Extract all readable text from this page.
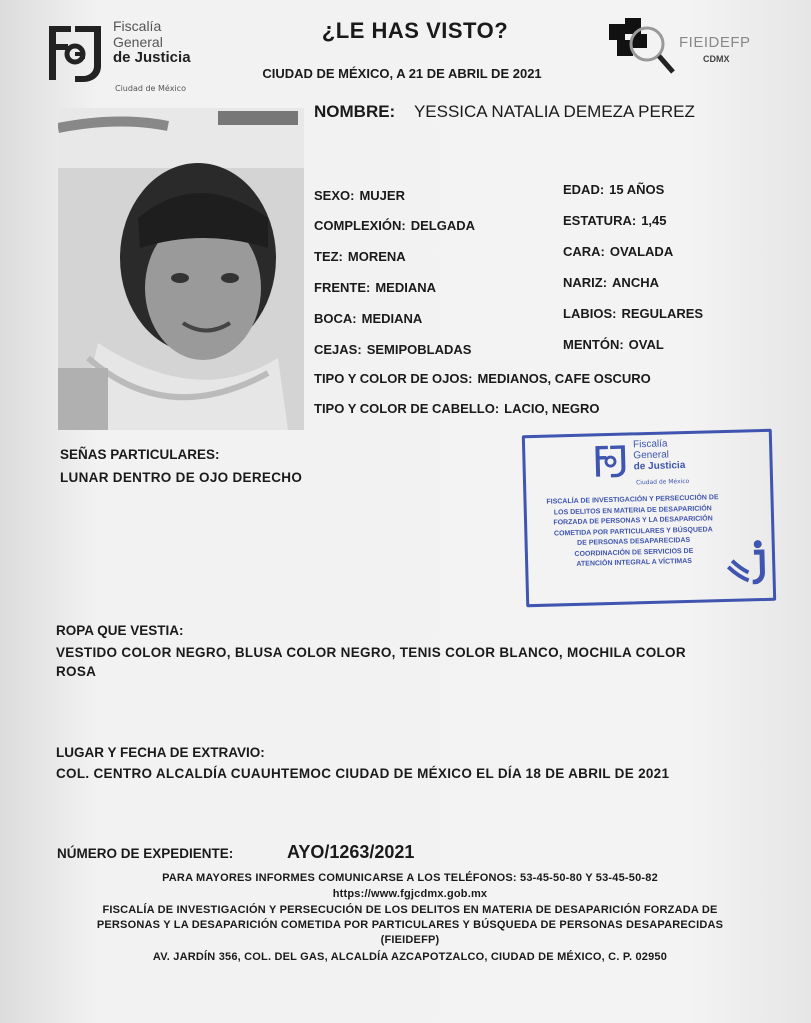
Fiscalía
General
de Justicia
Ciudad de México
¿LE HAS VISTO?
CIUDAD DE MÉXICO, A 21 DE ABRIL DE 2021
FIEIDEFP
CDMX
NOMBRE: YESSICA NATALIA DEMEZA PEREZ
SEXO: MUJER	EDAD: 15 AÑOS
COMPLEXIÓN: DELGADA	ESTATURA: 1,45
TEZ: MORENA	CARA: OVALADA
FRENTE: MEDIANA	NARIZ: ANCHA
BOCA: MEDIANA	LABIOS: REGULARES
CEJAS: SEMIPOBLADAS	MENTÓN: OVAL
TIPO Y COLOR DE OJOS: MEDIANOS, CAFE OSCURO
TIPO Y COLOR DE CABELLO: LACIO, NEGRO
SEÑAS PARTICULARES:
LUNAR DENTRO DE OJO DERECHO
Fiscalía
General
de Justicia
Ciudad de México
FISCALÍA DE INVESTIGACIÓN Y PERSECUCIÓN DE
LOS DELITOS EN MATERIA DE DESAPARICIÓN
FORZADA DE PERSONAS Y LA DESAPARICIÓN
COMETIDA POR PARTICULARES Y BÚSQUEDA
DE PERSONAS DESAPARECIDAS
COORDINACIÓN DE SERVICIOS DE
ATENCIÓN INTEGRAL A VÍCTIMAS
ROPA QUE VESTIA:
VESTIDO COLOR NEGRO, BLUSA COLOR NEGRO, TENIS COLOR BLANCO, MOCHILA COLOR
ROSA
LUGAR Y FECHA DE EXTRAVIO:
COL. CENTRO ALCALDÍA CUAUHTEMOC CIUDAD DE MÉXICO EL DÍA 18 DE ABRIL DE 2021
NÚMERO DE EXPEDIENTE:	AYO/1263/2021
PARA MAYORES INFORMES COMUNICARSE A LOS TELÉFONOS: 53-45-50-80 Y 53-45-50-82
https://www.fgjcdmx.gob.mx
FISCALÍA DE INVESTIGACIÓN Y PERSECUCIÓN DE LOS DELITOS EN MATERIA DE DESAPARICIÓN FORZADA DE
PERSONAS Y LA DESAPARICIÓN COMETIDA POR PARTICULARES Y BÚSQUEDA DE PERSONAS DESAPARECIDAS
(FIEIDEFP)
AV. JARDÍN 356, COL. DEL GAS, ALCALDÍA AZCAPOTZALCO, CIUDAD DE MÉXICO, C. P. 02950
